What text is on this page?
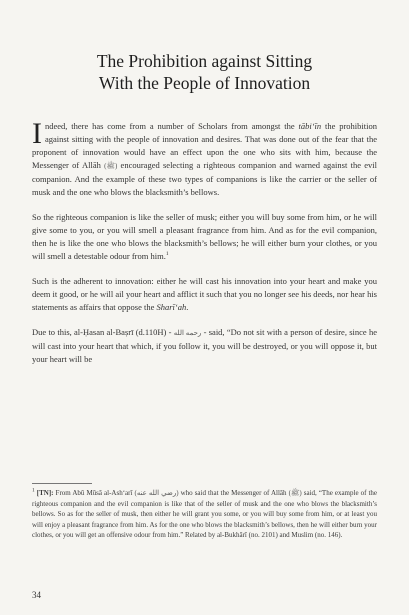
The Prohibition against Sitting
With the People of Innovation

Indeed, there has come from a number of Scholars from amongst the tābi‘īn the prohibition against sitting with the people of innovation and desires. That was done out of the fear that the proponent of innovation would have an effect upon the one who sits with him, because the Messenger of Allāh (ﷺ) encouraged selecting a righteous companion and warned against the evil companion. And the example of these two types of companions is like the carrier or the seller of musk and the one who blows the blacksmith’s bellows.

So the righteous companion is like the seller of musk; either you will buy some from him, or he will give some to you, or you will smell a pleasant fragrance from him. And as for the evil companion, then he is like the one who blows the blacksmith’s bellows; he will either burn your clothes, or you will smell a detestable odour from him.$^1$

Such is the adherent to innovation: either he will cast his innovation into your heart and make you deem it good, or he will ail your heart and afflict it such that you no longer see his deeds, nor hear his statements as affairs that oppose the Sharī‘ah.

Due to this, al-Ḥasan al-Baṣrī (d.110H) - رحمه الله - said, “Do not sit with a person of desire, since he will cast into your heart that which, if you follow it, you will be destroyed, or you will oppose it, but your heart will be

$^1$ [TN]: From Abū Mūsā al-Ash‘arī (رضي الله عنه) who said that the Messenger of Allāh (ﷺ) said, “The example of the righteous companion and the evil companion is like that of the seller of musk and the one who blows the blacksmith’s bellows. So as for the seller of musk, then either he will grant you some, or you will buy some from him, or at least you will enjoy a pleasant fragrance from him. As for the one who blows the blacksmith’s bellows, then he will either burn your clothes, or you will get an offensive odour from him.” Related by al-Bukhārī (no. 2101) and Muslim (no. 146).
34
